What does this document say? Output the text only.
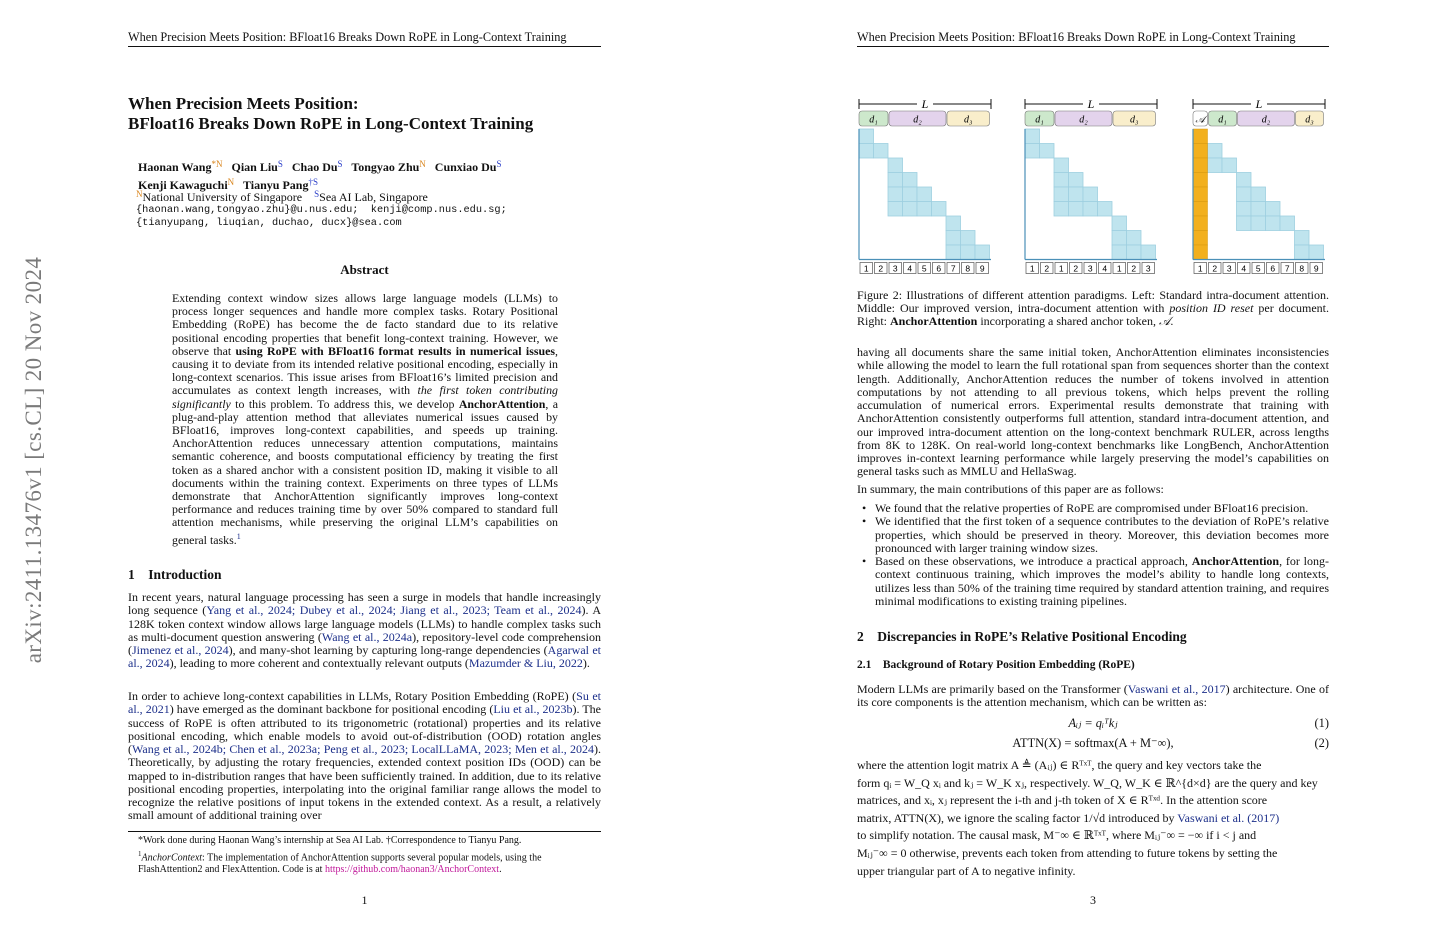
arXiv:2411.13476v1 [cs.CL] 20 Nov 2024
When Precision Meets Position: BFloat16 Breaks Down RoPE in Long-Context Training
When Precision Meets Position:
BFloat16 Breaks Down RoPE in Long-Context Training
Haonan Wang$^{*N}$ Qian Liu$^S$ Chao $Du^S$ Tongyao Zhu$^N$ Cunxiao $Du^S$
Kenji Kawaguchi$^N$ Tianyu Pang$^{\dagger S}$
$^N$National University of Singapore $^S$Sea AI Lab, Singapore
{haonan.wang,tongyao.zhu}@u.nus.edu;  kenji@comp.nus.edu.sg;
{tianyupang, liuqian, duchao, ducx}@sea.com
Abstract
Extending context window sizes allows large language models (LLMs) to process longer sequences and handle more complex tasks. Rotary Positional Embedding (RoPE) has become the de facto standard due to its relative positional encoding properties that benefit long-context training. However, we observe that using RoPE with BFloat16 format results in numerical issues, causing it to deviate from its intended relative positional encoding, especially in long-context scenarios. This issue arises from BFloat16’s limited precision and accumulates as context length increases, with the first token contributing significantly to this problem. To address this, we develop AnchorAttention, a plug-and-play attention method that alleviates numerical issues caused by BFloat16, improves long-context capabilities, and speeds up training. AnchorAttention reduces unnecessary attention computations, maintains semantic coherence, and boosts computational efficiency by treating the first token as a shared anchor with a consistent position ID, making it visible to all documents within the training context. Experiments on three types of LLMs demonstrate that AnchorAttention significantly improves long-context performance and reduces training time by over 50% compared to standard full attention mechanisms, while preserving the original LLM’s capabilities on general tasks.$^1$
1 Introduction
In recent years, natural language processing has seen a surge in models that handle increasingly long sequence (Yang et al., 2024; Dubey et al., 2024; Jiang et al., 2023; Team et al., 2024). A 128K token context window allows large language models (LLMs) to handle complex tasks such as multi-document question answering (Wang et al., 2024a), repository-level code comprehension (Jimenez et al., 2024), and many-shot learning by capturing long-range dependencies (Agarwal et al., 2024), leading to more coherent and contextually relevant outputs (Mazumder & Liu, 2022).
In order to achieve long-context capabilities in LLMs, Rotary Position Embedding (RoPE) (Su et al., 2021) have emerged as the dominant backbone for positional encoding (Liu et al., 2023b). The success of RoPE is often attributed to its trigonometric (rotational) properties and its relative positional encoding, which enable models to avoid out-of-distribution (OOD) rotation angles (Wang et al., 2024b; Chen et al., 2023a; Peng et al., 2023; LocalLLaMA, 2023; Men et al., 2024). Theoretically, by adjusting the rotary frequencies, extended context position IDs (OOD) can be mapped to in-distribution ranges that have been sufficiently trained. In addition, due to its relative positional encoding properties, interpolating into the original familiar range allows the model to recognize the relative positions of input tokens in the extended context. As a result, a relatively small amount of additional training over
*Work done during Haonan Wang’s internship at Sea AI Lab. †Correspondence to Tianyu Pang.
$^1$AnchorContext: The implementation of AnchorAttention supports several popular models, using the FlashAttention2 and FlexAttention. Code is at https://github.com/haonan3/AnchorContext.
1
When Precision Meets Position: BFloat16 Breaks Down RoPE in Long-Context Training
L
d₁	d₂	d₃
1 2 3 4 5 6 7 8 9
L
d₁	d₂	d₃
1 2 1 2 3 4 1 2 3
L
𝒜	d₁	d₂	d₃
1 2 3 4 5 6 7 8 9
Figure 2: Illustrations of different attention paradigms. Left: Standard intra-document attention. Middle: Our improved version, intra-document attention with position ID reset per document. Right: AnchorAttention incorporating a shared anchor token, 𝒜.
having all documents share the same initial token, AnchorAttention eliminates inconsistencies while allowing the model to learn the full rotational span from sequences shorter than the context length. Additionally, AnchorAttention reduces the number of tokens involved in attention computations by not attending to all previous tokens, which helps prevent the rolling accumulation of numerical errors. Experimental results demonstrate that training with AnchorAttention consistently outperforms full attention, standard intra-document attention, and our improved intra-document attention on the long-context benchmark RULER, across lengths from 8K to 128K. On real-world long-context benchmarks like LongBench, AnchorAttention improves in-context learning performance while largely preserving the model’s capabilities on general tasks such as MMLU and HellaSwag.
In summary, the main contributions of this paper are as follows:
• We found that the relative properties of RoPE are compromised under BFloat16 precision.
• We identified that the first token of a sequence contributes to the deviation of RoPE’s relative properties, which should be preserved in theory. Moreover, this deviation becomes more pronounced with larger training window sizes.
• Based on these observations, we introduce a practical approach, AnchorAttention, for long-context continuous training, which improves the model’s ability to handle long contexts, utilizes less than 50% of the training time required by standard attention training, and requires minimal modifications to existing training pipelines.
2 Discrepancies in RoPE’s Relative Positional Encoding
2.1 Background of Rotary Position Embedding (RoPE)
Modern LLMs are primarily based on the Transformer (Vaswani et al., 2017) architecture. One of its core components is the attention mechanism, which can be written as:
Aᵢⱼ = qᵢᵀkⱼ	(1)
ATTN(X) = softmax(A + M⁻∞),	(2)
where the attention logit matrix A ≜ (Aᵢⱼ) ∈ Rᵀˣᵀ, the query and key vectors take the
form qᵢ = W_Q xᵢ and kⱼ = W_K xⱼ, respectively. W_Q, W_K ∈ ℝ^{d×d} are the query and key
matrices, and xᵢ, xⱼ represent the i-th and j-th token of X ∈ Rᵀˣᵈ. In the attention score
matrix, ATTN(X), we ignore the scaling factor 1/√d introduced by Vaswani et al. (2017)
to simplify notation. The causal mask, M⁻∞ ∈ ℝᵀˣᵀ, where Mᵢⱼ⁻∞ = −∞ if i < j and
Mᵢⱼ⁻∞ = 0 otherwise, prevents each token from attending to future tokens by setting the
upper triangular part of A to negative infinity.
3
